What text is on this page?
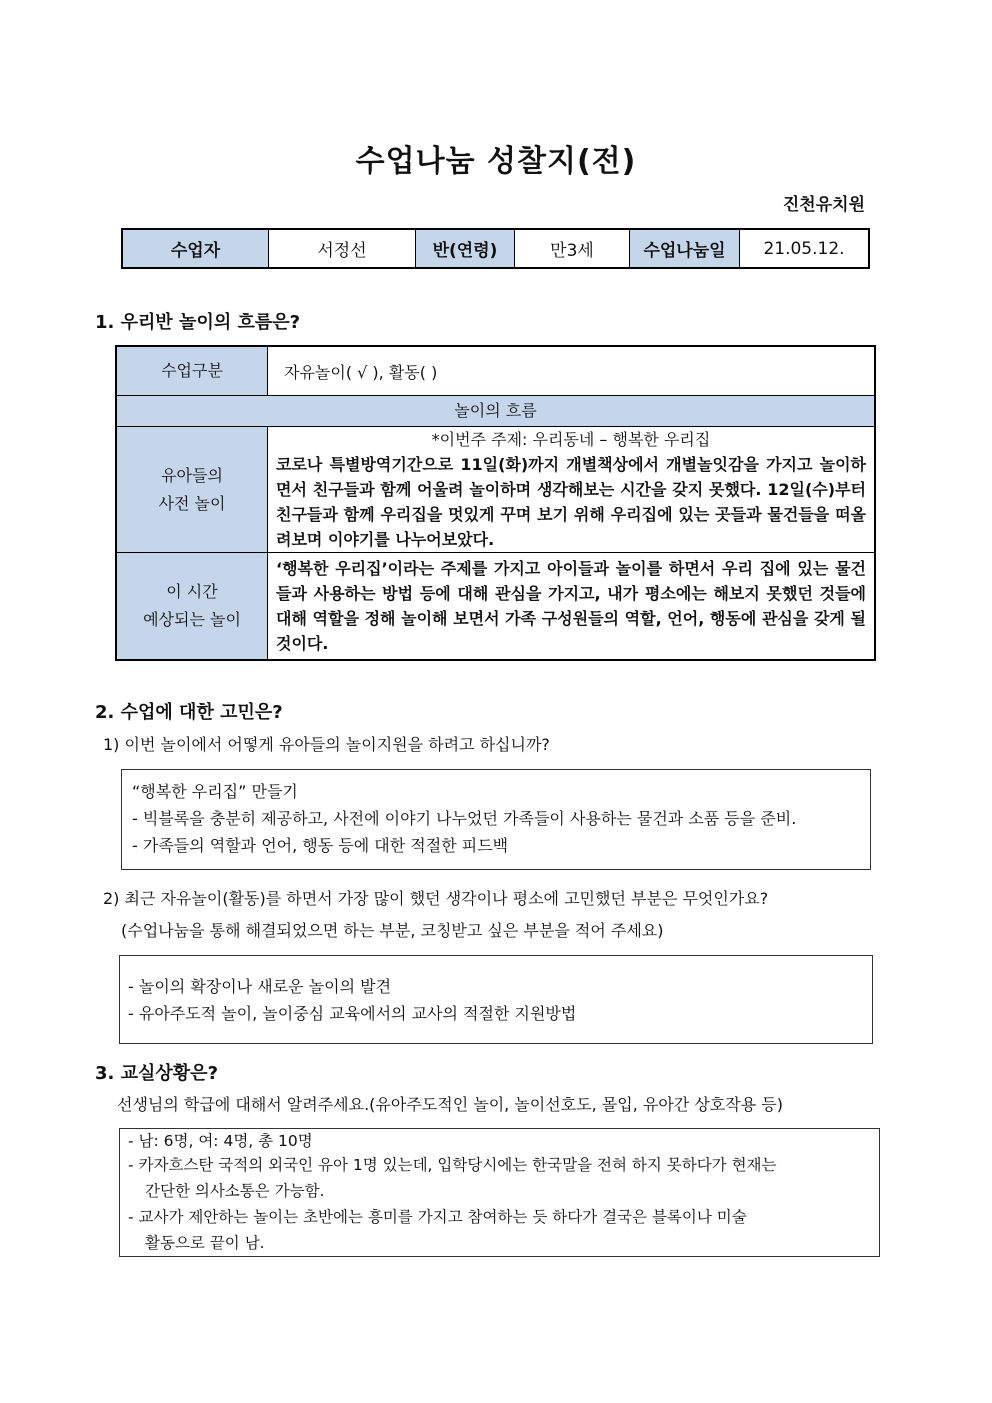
수업나눔 성찰지(전)
진천유치원
수업자	서정선	반(연령)	만3세	수업나눔일	21.05.12.
1. 우리반 놀이의 흐름은?
수업구분	자유놀이( √ ), 활동( )
놀이의 흐름	
유아들의
사전 놀이	*이번주 주제: 우리동네 – 행복한 우리집
코로나 특별방역기간으로 11일(화)까지 개별책상에서 개별놀잇감을 가지고 놀이하면서 친구들과 함께 어울려 놀이하며 생각해보는 시간을 갖지 못했다. 12일(수)부터 친구들과 함께 우리집을 멋있게 꾸며 보기 위해 우리집에 있는 곳들과 물건들을 떠올려보며 이야기를 나누어보았다.
이 시간
예상되는 놀이	‘행복한 우리집’이라는 주제를 가지고 아이들과 놀이를 하면서 우리 집에 있는 물건들과 사용하는 방법 등에 대해 관심을 가지고, 내가 평소에는 해보지 못했던 것들에 대해 역할을 정해 놀이해 보면서 가족 구성원들의 역할, 언어, 행동에 관심을 갖게 될 것이다.
2. 수업에 대한 고민은?
1) 이번 놀이에서 어떻게 유아들의 놀이지원을 하려고 하십니까?
“행복한 우리집” 만들기
- 빅블록을 충분히 제공하고, 사전에 이야기 나누었던 가족들이 사용하는 물건과 소품 등을 준비.
- 가족들의 역할과 언어, 행동 등에 대한 적절한 피드백
2) 최근 자유놀이(활동)를 하면서 가장 많이 했던 생각이나 평소에 고민했던 부분은 무엇인가요?
(수업나눔을 통해 해결되었으면 하는 부분, 코칭받고 싶은 부분을 적어 주세요)
- 놀이의 확장이나 새로운 놀이의 발견
- 유아주도적 놀이, 놀이중심 교육에서의 교사의 적절한 지원방법
3. 교실상황은?
선생님의 학급에 대해서 알려주세요.(유아주도적인 놀이, 놀이선호도, 몰입, 유아간 상호작용 등)
- 남: 6명, 여: 4명, 총 10명
- 카자흐스탄 국적의 외국인 유아 1명 있는데, 입학당시에는 한국말을 전혀 하지 못하다가 현재는
간단한 의사소통은 가능함.
- 교사가 제안하는 놀이는 초반에는 흥미를 가지고 참여하는 듯 하다가 결국은 블록이나 미술
활동으로 끝이 남.
